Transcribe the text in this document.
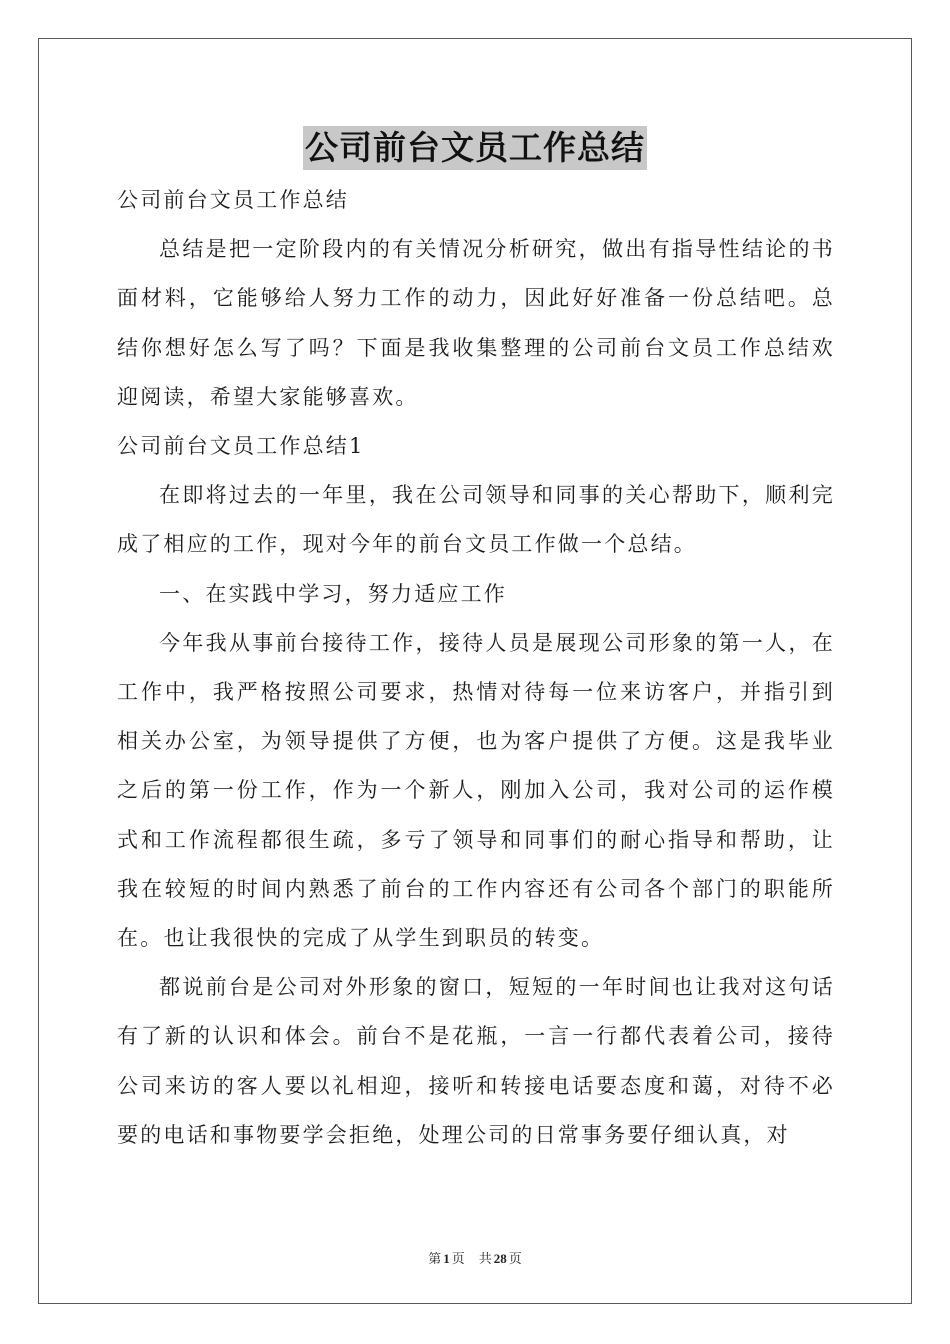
公司前台文员工作总结

公司前台文员工作总结

总结是把一定阶段内的有关情况分析研究，做出有指导性结论的书面材料，它能够给人努力工作的动力，因此好好准备一份总结吧。总结你想好怎么写了吗？下面是我收集整理的公司前台文员工作总结欢迎阅读，希望大家能够喜欢。

公司前台文员工作总结1

在即将过去的一年里，我在公司领导和同事的关心帮助下，顺利完成了相应的工作，现对今年的前台文员工作做一个总结。

一、在实践中学习，努力适应工作

今年我从事前台接待工作，接待人员是展现公司形象的第一人，在工作中，我严格按照公司要求，热情对待每一位来访客户，并指引到相关办公室，为领导提供了方便，也为客户提供了方便。这是我毕业之后的第一份工作，作为一个新人，刚加入公司，我对公司的运作模式和工作流程都很生疏，多亏了领导和同事们的耐心指导和帮助，让我在较短的时间内熟悉了前台的工作内容还有公司各个部门的职能所在。也让我很快的完成了从学生到职员的转变。

都说前台是公司对外形象的窗口，短短的一年时间也让我对这句话有了新的认识和体会。前台不是花瓶，一言一行都代表着公司，接待公司来访的客人要以礼相迎，接听和转接电话要态度和蔼，对待不必要的电话和事物要学会拒绝，处理公司的日常事务要仔细认真，对

第 1 页 共 28 页
